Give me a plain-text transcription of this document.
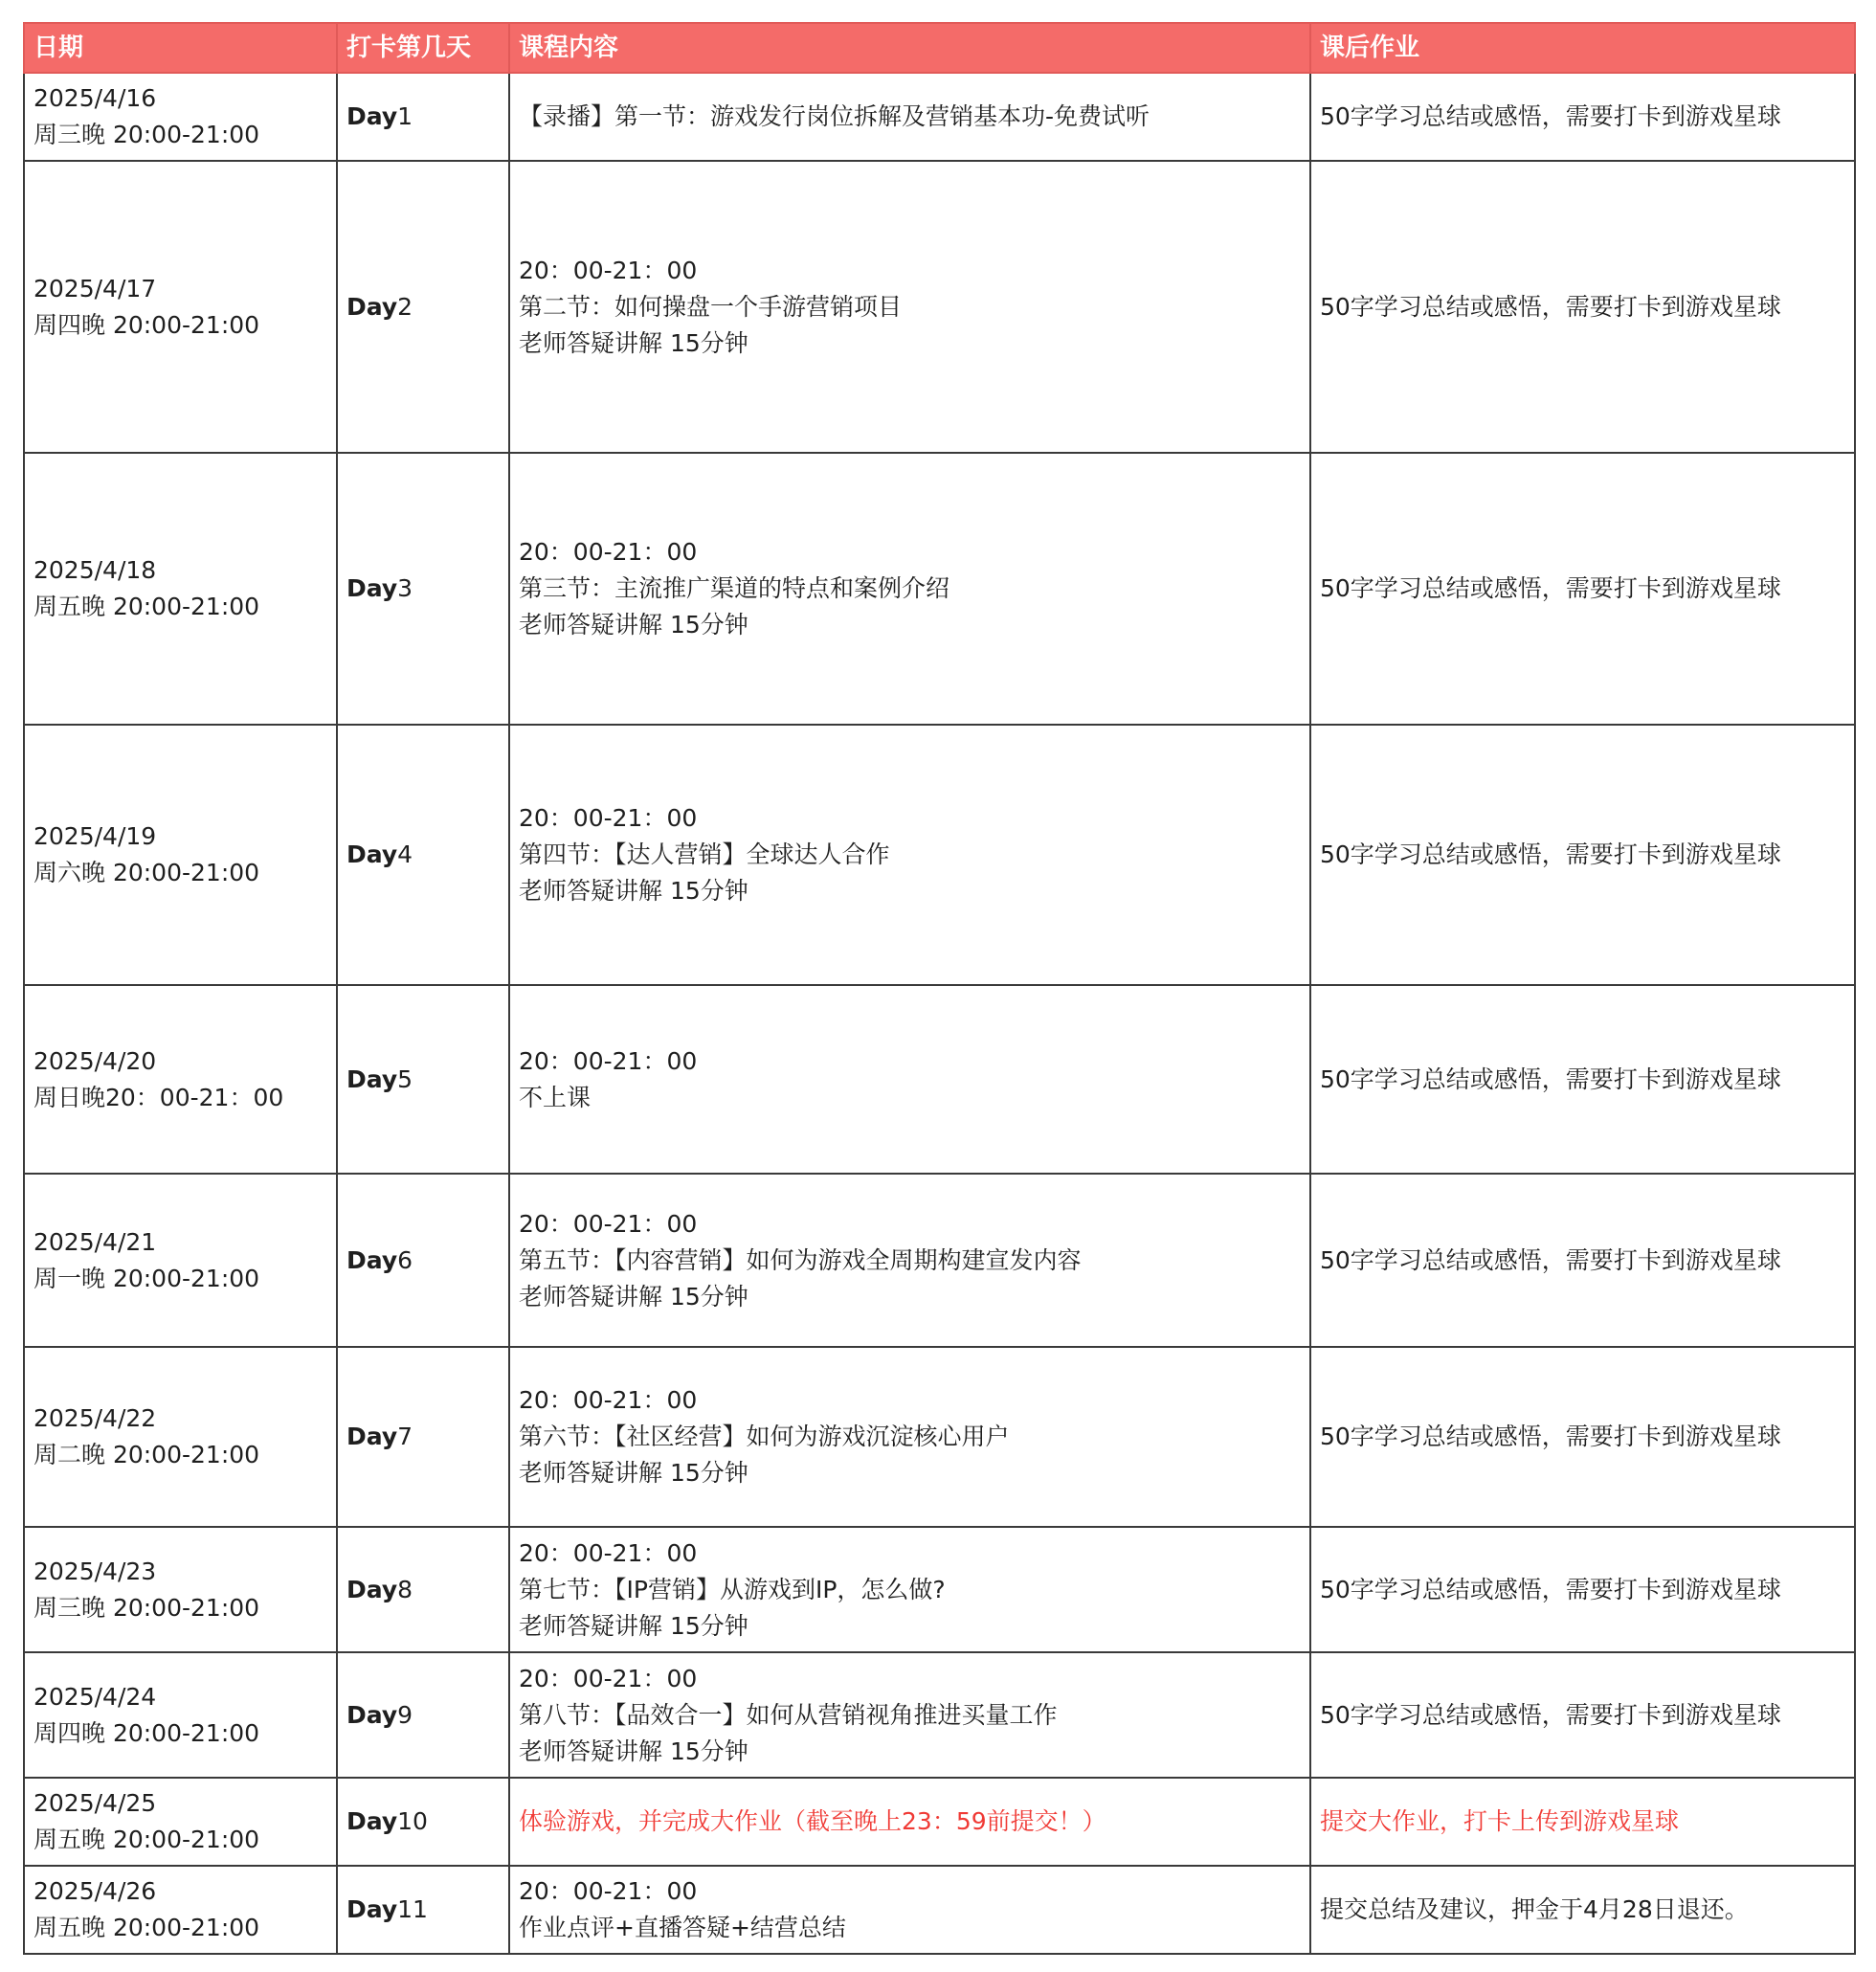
日期	打卡第几天	课程内容	课后作业

2025/4/16
周三晚 20:00-21:00	Day1	【录播】第一节：游戏发行岗位拆解及营销基本功-免费试听	50字学习总结或感悟，需要打卡到游戏星球

2025/4/17
周四晚 20:00-21:00	Day2	20：00-21：00
第二节：如何操盘一个手游营销项目
老师答疑讲解 15分钟	50字学习总结或感悟，需要打卡到游戏星球

2025/4/18
周五晚 20:00-21:00	Day3	20：00-21：00
第三节：主流推广渠道的特点和案例介绍
老师答疑讲解 15分钟	50字学习总结或感悟，需要打卡到游戏星球

2025/4/19
周六晚 20:00-21:00	Day4	20：00-21：00
第四节：【达人营销】全球达人合作
老师答疑讲解 15分钟	50字学习总结或感悟，需要打卡到游戏星球

2025/4/20
周日晚20：00-21：00	Day5	20：00-21：00
不上课	50字学习总结或感悟，需要打卡到游戏星球

2025/4/21
周一晚 20:00-21:00	Day6	20：00-21：00
第五节：【内容营销】如何为游戏全周期构建宣发内容
老师答疑讲解 15分钟	50字学习总结或感悟，需要打卡到游戏星球

2025/4/22
周二晚 20:00-21:00	Day7	20：00-21：00
第六节：【社区经营】如何为游戏沉淀核心用户
老师答疑讲解 15分钟	50字学习总结或感悟，需要打卡到游戏星球

2025/4/23
周三晚 20:00-21:00	Day8	20：00-21：00
第七节：【IP营销】从游戏到IP，怎么做?
老师答疑讲解 15分钟	50字学习总结或感悟，需要打卡到游戏星球

2025/4/24
周四晚 20:00-21:00	Day9	20：00-21：00
第八节：【品效合一】如何从营销视角推进买量工作
老师答疑讲解 15分钟	50字学习总结或感悟，需要打卡到游戏星球

2025/4/25
周五晚 20:00-21:00	Day10	体验游戏，并完成大作业（截至晚上23：59前提交！）	提交大作业，打卡上传到游戏星球

2025/4/26
周五晚 20:00-21:00	Day11	20：00-21：00
作业点评+直播答疑+结营总结	提交总结及建议，押金于4月28日退还。
